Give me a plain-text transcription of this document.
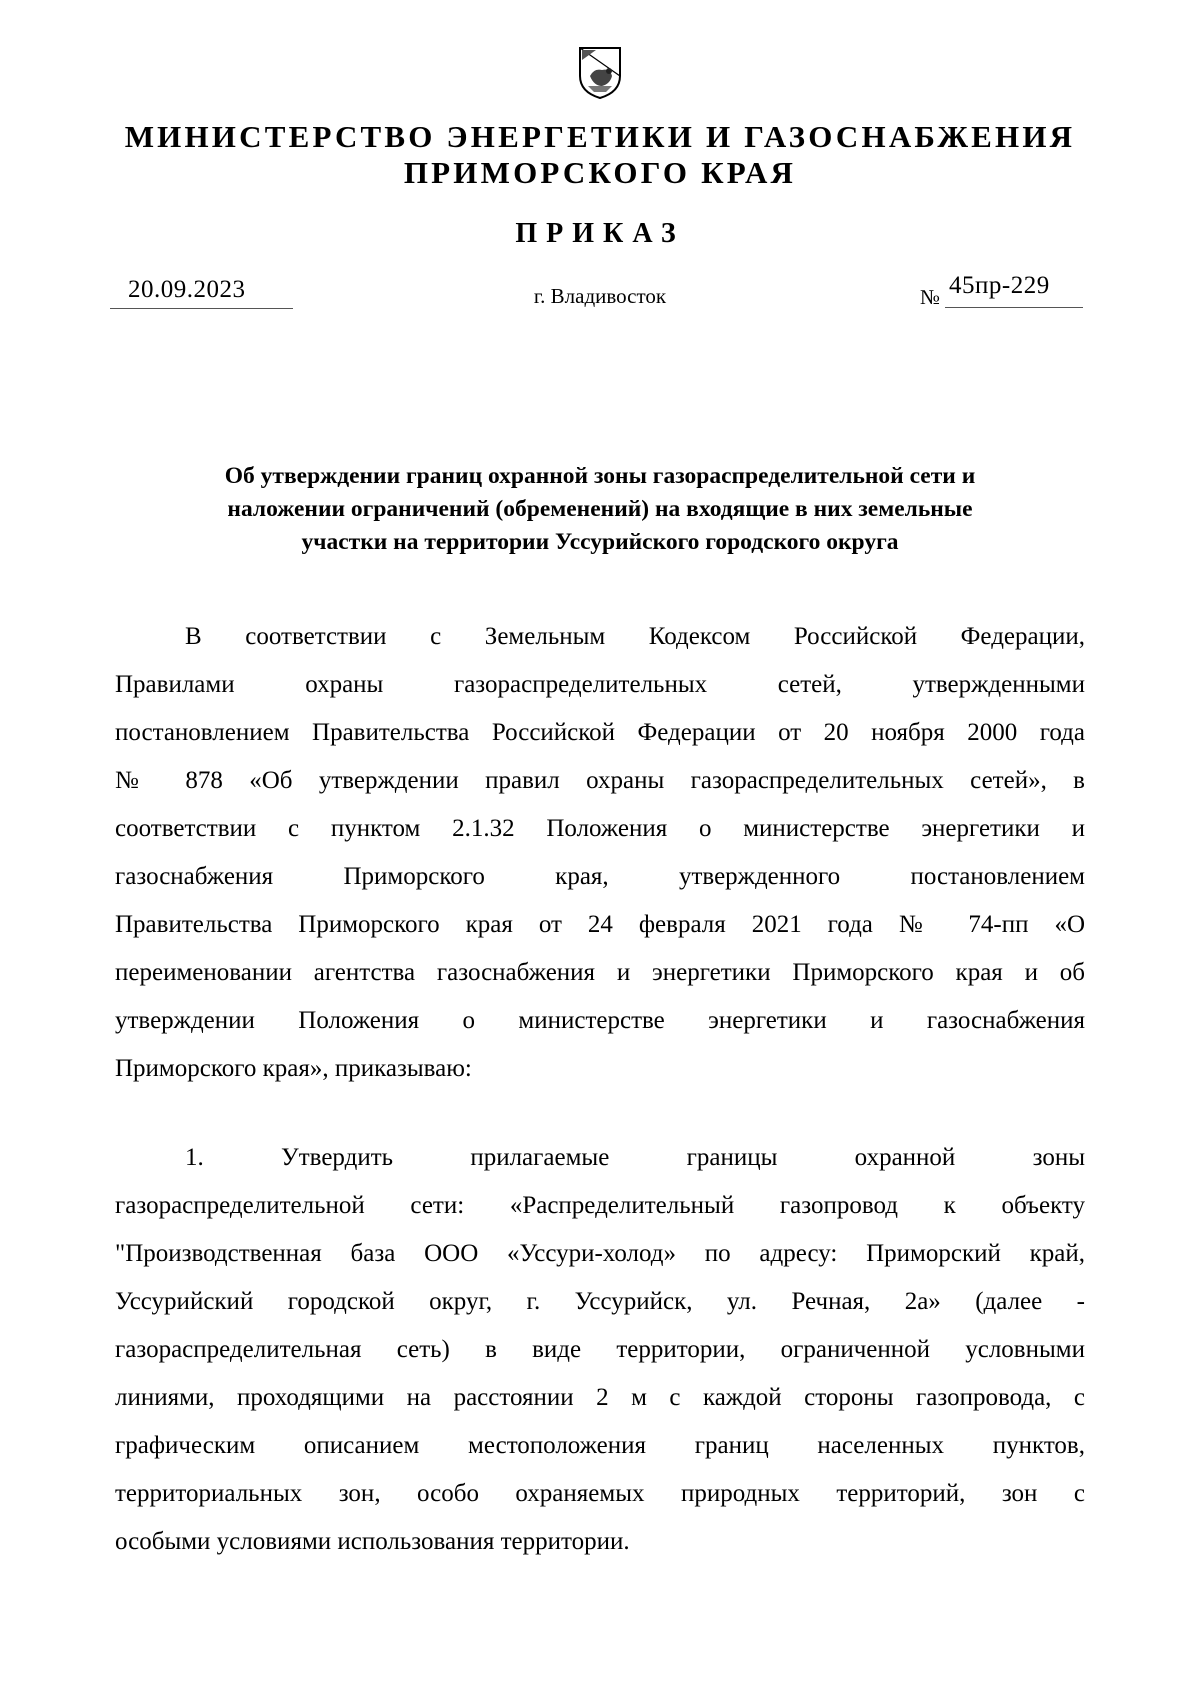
МИНИСТЕРСТВО ЭНЕРГЕТИКИ И ГАЗОСНАБЖЕНИЯ
ПРИМОРСКОГО КРАЯ
ПРИКАЗ
20.09.2023	г. Владивосток	№ 45пр-229
Об утверждении границ охранной зоны газораспределительной сети и
наложении ограничений (обременений) на входящие в них земельные
участки на территории Уссурийского городского округа
В соответствии с Земельным Кодексом Российской Федерации,
Правилами охраны газораспределительных сетей, утвержденными
постановлением Правительства Российской Федерации от 20 ноября 2000 года
№ 878 «Об утверждении правил охраны газораспределительных сетей», в
соответствии с пунктом 2.1.32 Положения о министерстве энергетики и
газоснабжения Приморского края, утвержденного постановлением
Правительства Приморского края от 24 февраля 2021 года № 74-пп «О
переименовании агентства газоснабжения и энергетики Приморского края и об
утверждении Положения о министерстве энергетики и газоснабжения
Приморского края», приказываю:
1. Утвердить прилагаемые границы охранной зоны
газораспределительной сети: «Распределительный газопровод к объекту
"Производственная база ООО «Уссури-холод» по адресу: Приморский край,
Уссурийский городской округ, г. Уссурийск, ул. Речная, 2а» (далее -
газораспределительная сеть) в виде территории, ограниченной условными
линиями, проходящими на расстоянии 2 м с каждой стороны газопровода, с
графическим описанием местоположения границ населенных пунктов,
территориальных зон, особо охраняемых природных территорий, зон с
особыми условиями использования территории.
